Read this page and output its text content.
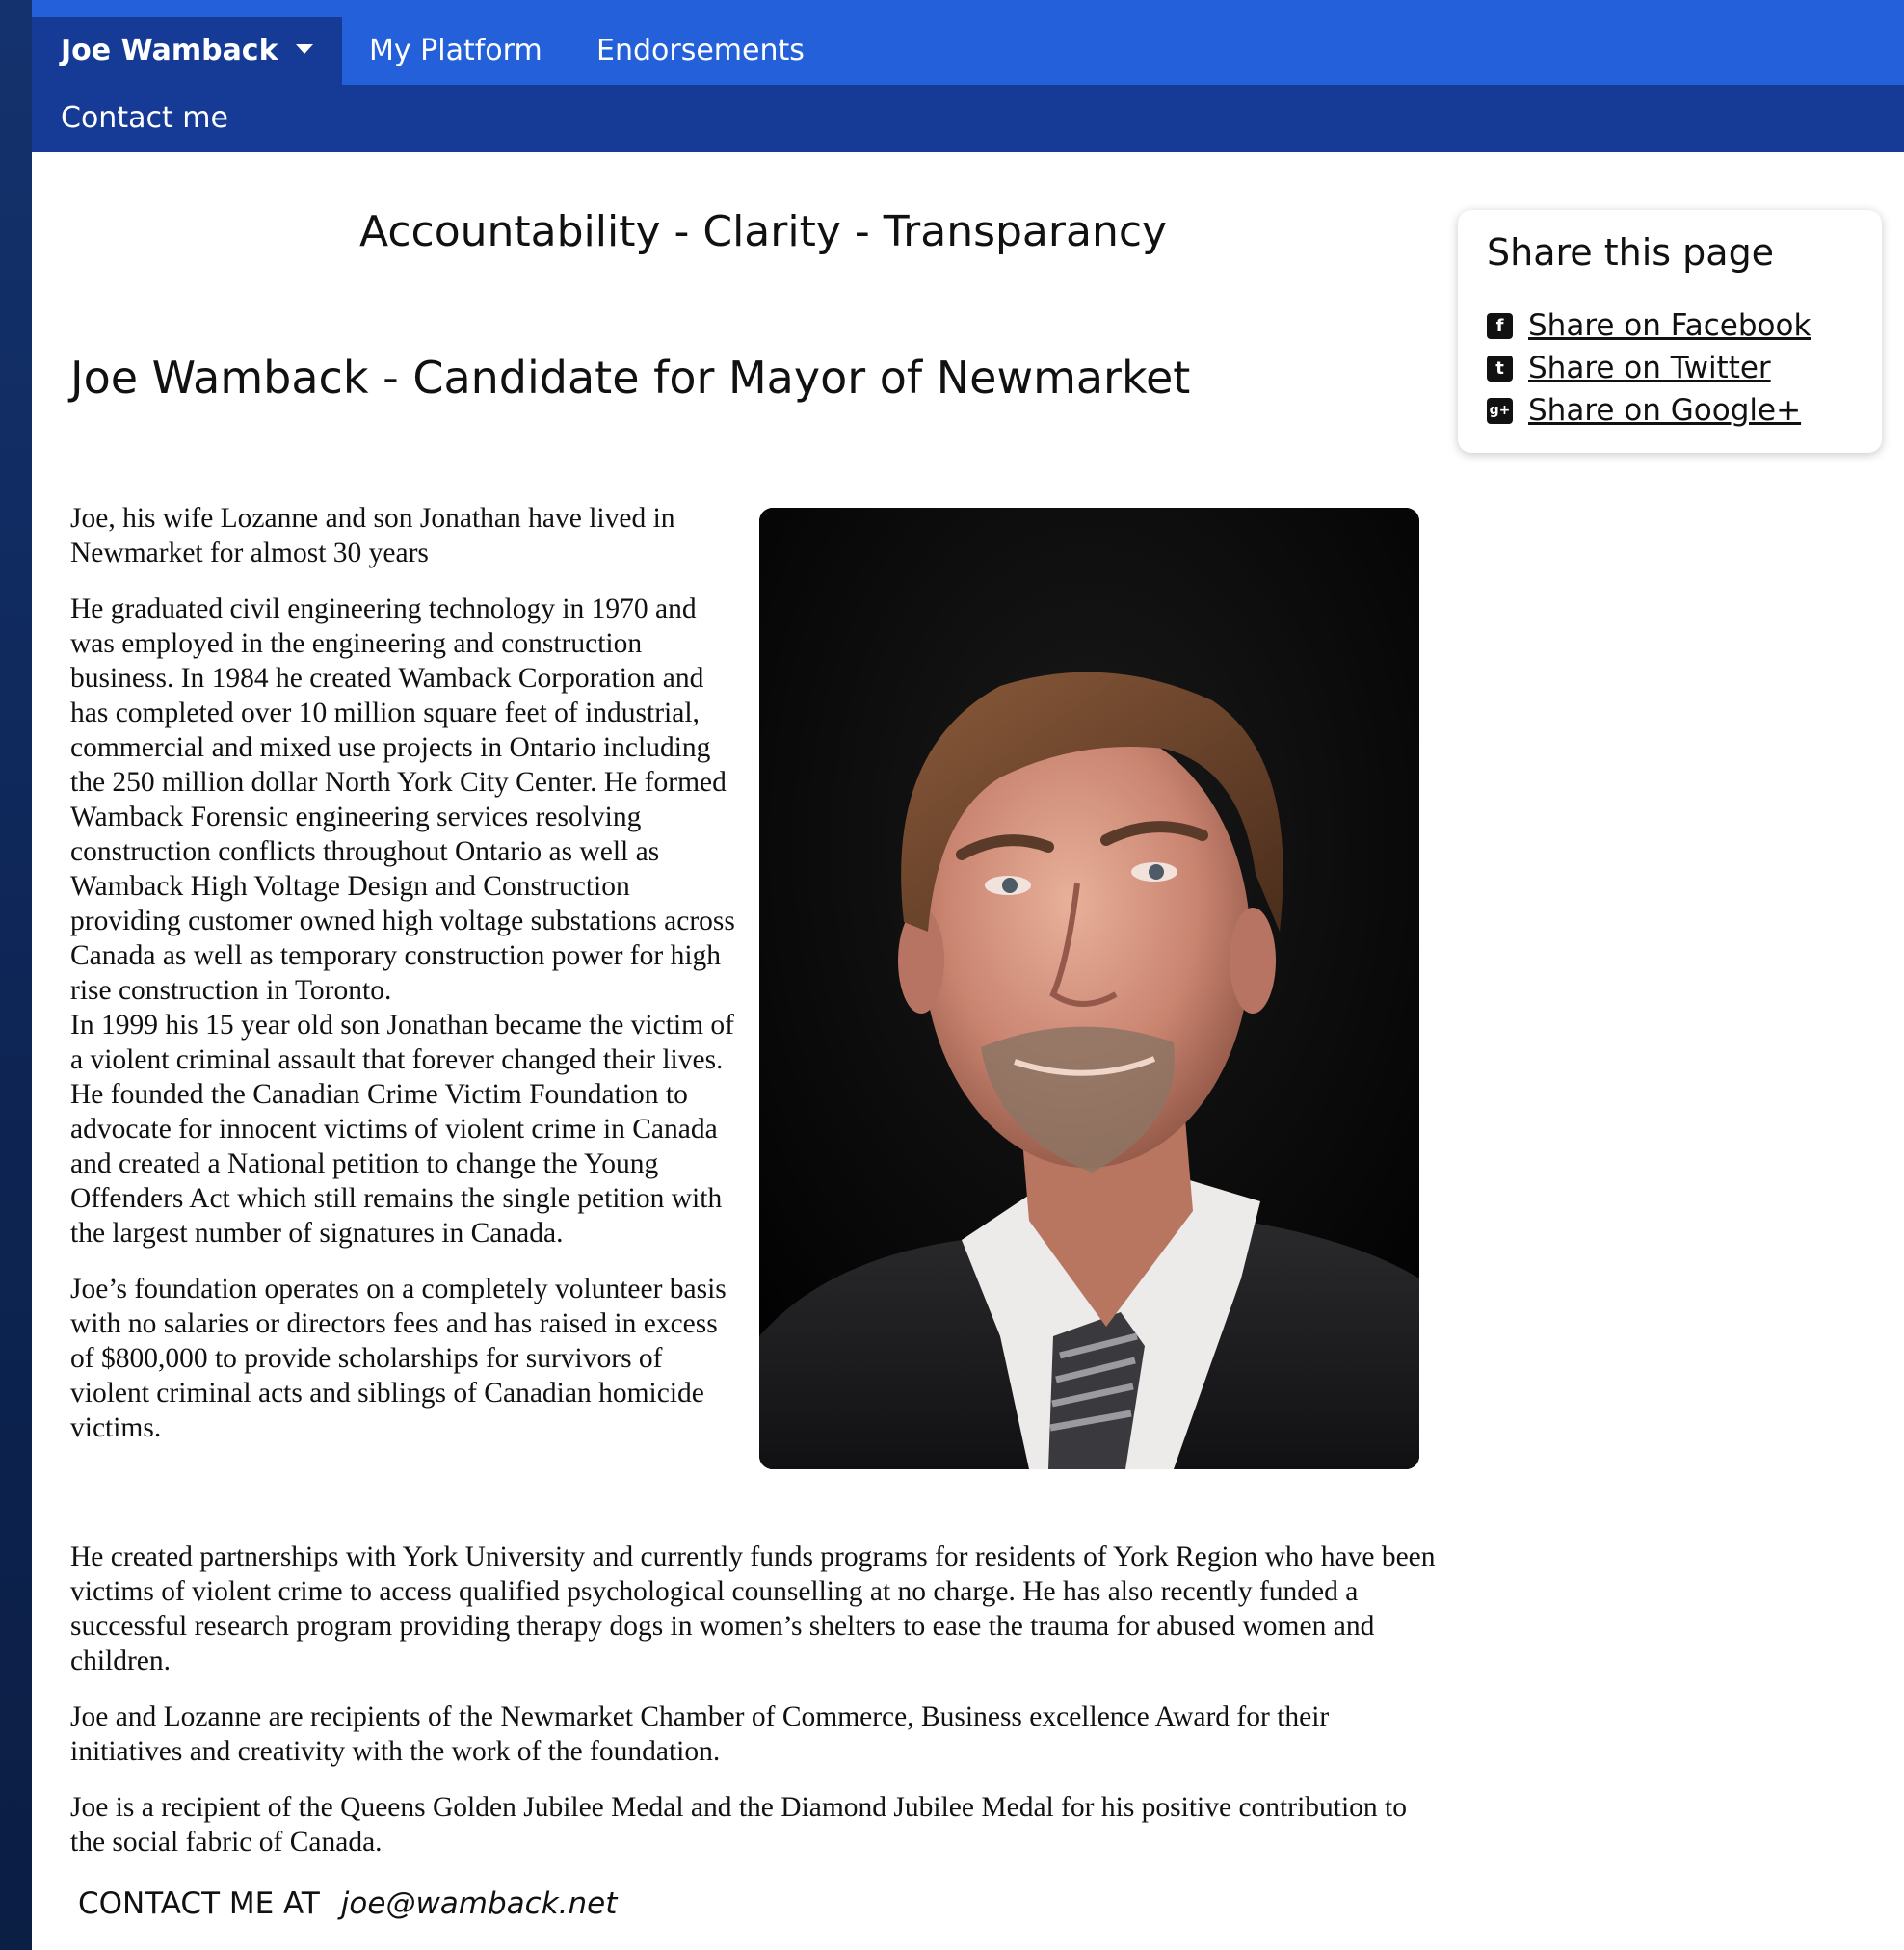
Joe Wamback	My Platform Endorsements
Contact me
Accountability - Clarity - Transparancy
Joe Wamback - Candidate for Mayor of Newmarket
Share this page
f Share on Facebook
t Share on Twitter
g+ Share on Google+

Joe, his wife Lozanne and son Jonathan have lived in Newmarket for almost 30 years

He graduated civil engineering technology in 1970 and was employed in the engineering and construction business. In 1984 he created Wamback Corporation and has completed over 10 million square feet of industrial, commercial and mixed use projects in Ontario including the 250 million dollar North York City Center. He formed Wamback Forensic engineering services resolving construction conflicts throughout Ontario as well as Wamback High Voltage Design and Construction providing customer owned high voltage substations across Canada as well as temporary construction power for high rise construction in Toronto.

In 1999 his 15 year old son Jonathan became the victim of a violent criminal assault that forever changed their lives. He founded the Canadian Crime Victim Foundation to advocate for innocent victims of violent crime in Canada and created a National petition to change the Young Offenders Act which still remains the single petition with the largest number of signatures in Canada.

Joe’s foundation operates on a completely volunteer basis with no salaries or directors fees and has raised in excess of $800,000 to provide scholarships for survivors of violent criminal acts and siblings of Canadian homicide victims.

He created partnerships with York University and currently funds programs for residents of York Region who have been victims of violent crime to access qualified psychological counselling at no charge. He has also recently funded a successful research program providing therapy dogs in women’s shelters to ease the trauma for abused women and children.

Joe and Lozanne are recipients of the Newmarket Chamber of Commerce, Business excellence Award for their initiatives and creativity with the work of the foundation.

Joe is a recipient of the Queens Golden Jubilee Medal and the Diamond Jubilee Medal for his positive contribution to the social fabric of Canada.

CONTACT ME AT joe@wamback.net
